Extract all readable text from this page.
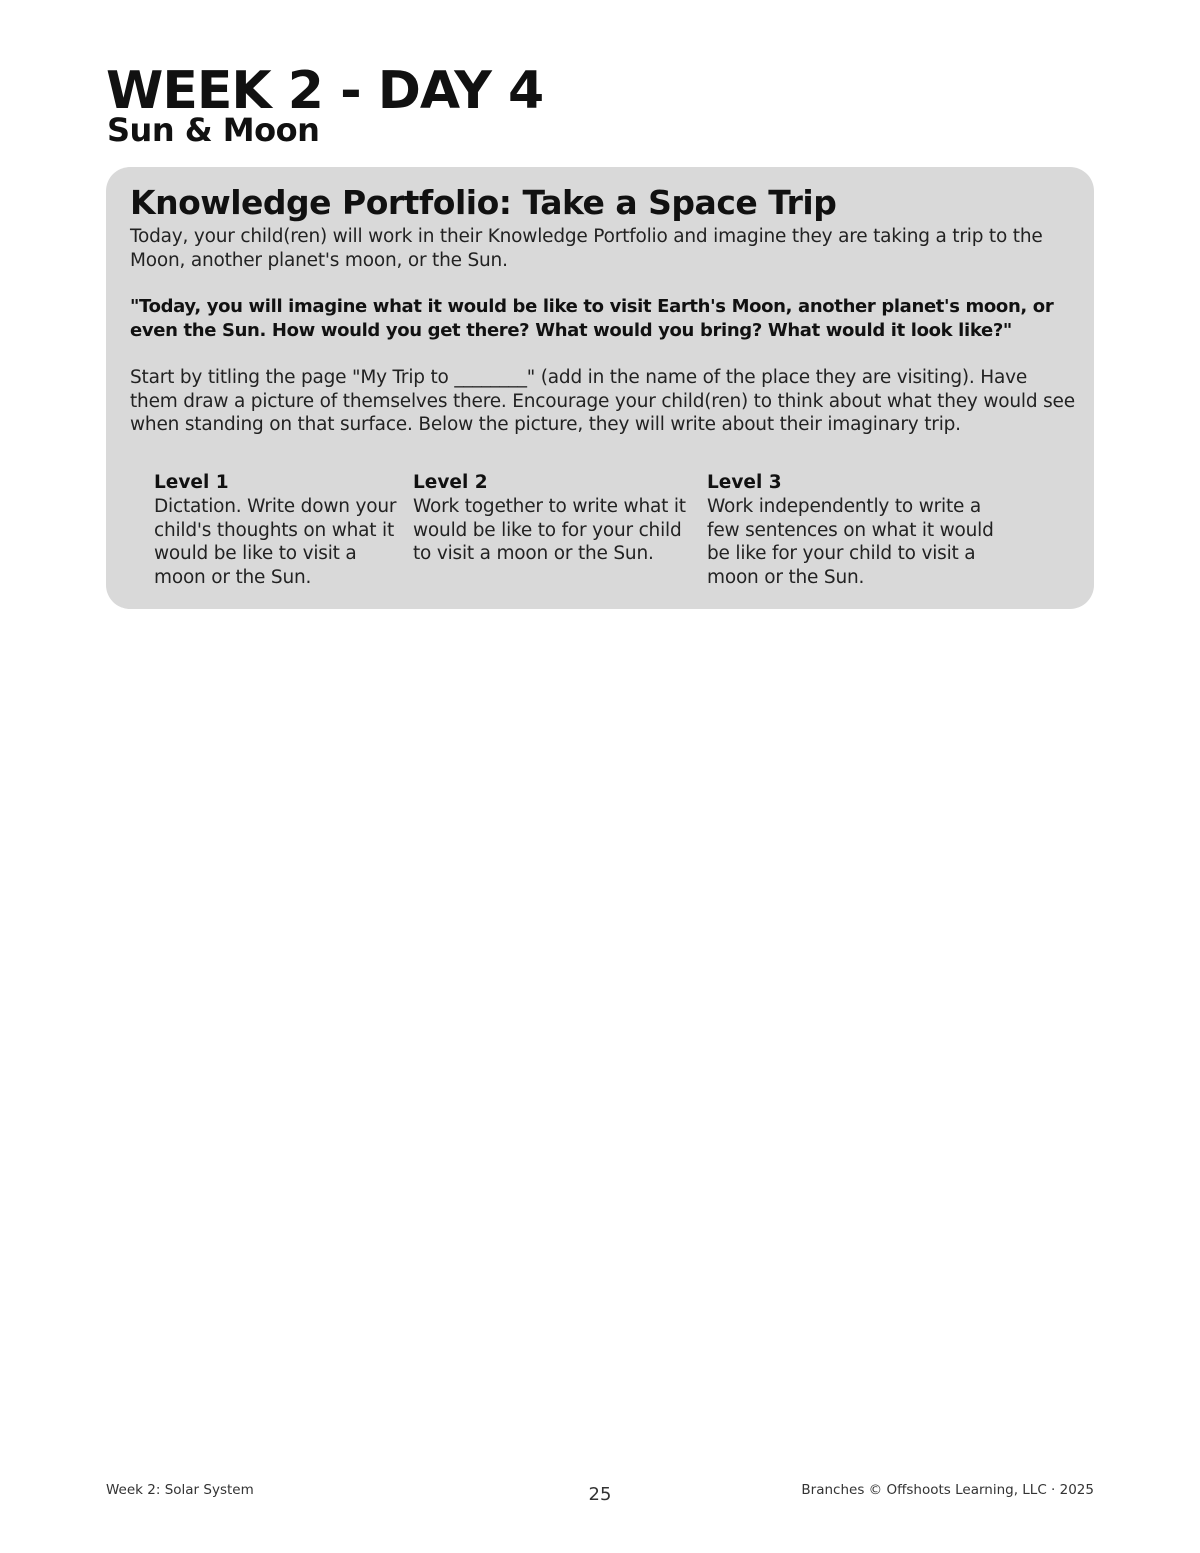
WEEK 2 - DAY 4
Sun & Moon
Knowledge Portfolio: Take a Space Trip
Today, your child(ren) will work in their Knowledge Portfolio and imagine they are taking a trip to the Moon, another planet's moon, or the Sun.
"Today, you will imagine what it would be like to visit Earth's Moon, another planet's moon, or even the Sun. How would you get there? What would you bring? What would it look like?"
Start by titling the page "My Trip to ________" (add in the name of the place they are visiting). Have them draw a picture of themselves there. Encourage your child(ren) to think about what they would see when standing on that surface. Below the picture, they will write about their imaginary trip.
Level 1
Dictation. Write down your child's thoughts on what it would be like to visit a moon or the Sun.
Level 2
Work together to write what it would be like to for your child to visit a moon or the Sun.
Level 3
Work independently to write a few sentences on what it would be like for your child to visit a moon or the Sun.
Week 2: Solar System	25	Branches © Offshoots Learning, LLC · 2025
